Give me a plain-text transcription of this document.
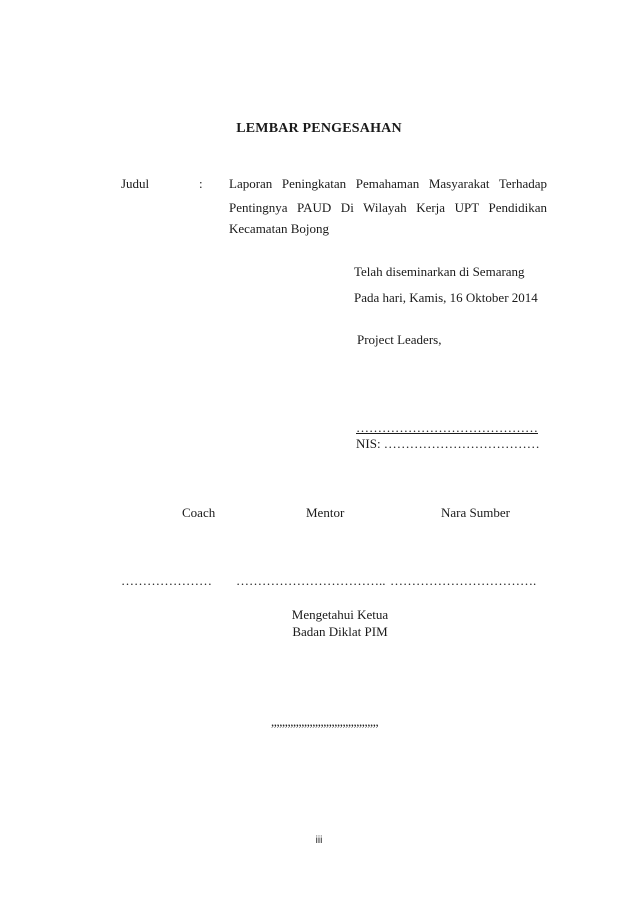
LEMBAR PENGESAHAN
Judul	: Laporan Peningkatan Pemahaman Masyarakat Terhadap
Pentingnya PAUD Di Wilayah Kerja UPT Pendidikan
Kecamatan Bojong
Telah diseminarkan di Semarang
Pada hari, Kamis, 16 Oktober 2014
Project Leaders,
……………………………………
NIS: ………………………………
Coach	Mentor	Nara Sumber
………………… …………………………….. …………………………….
Mengetahui Ketua
Badan Diklat PIM
,,,,,,,,,,,,,,,,,,,,,,,,,,,,,,,,,,,,,,,
iii
